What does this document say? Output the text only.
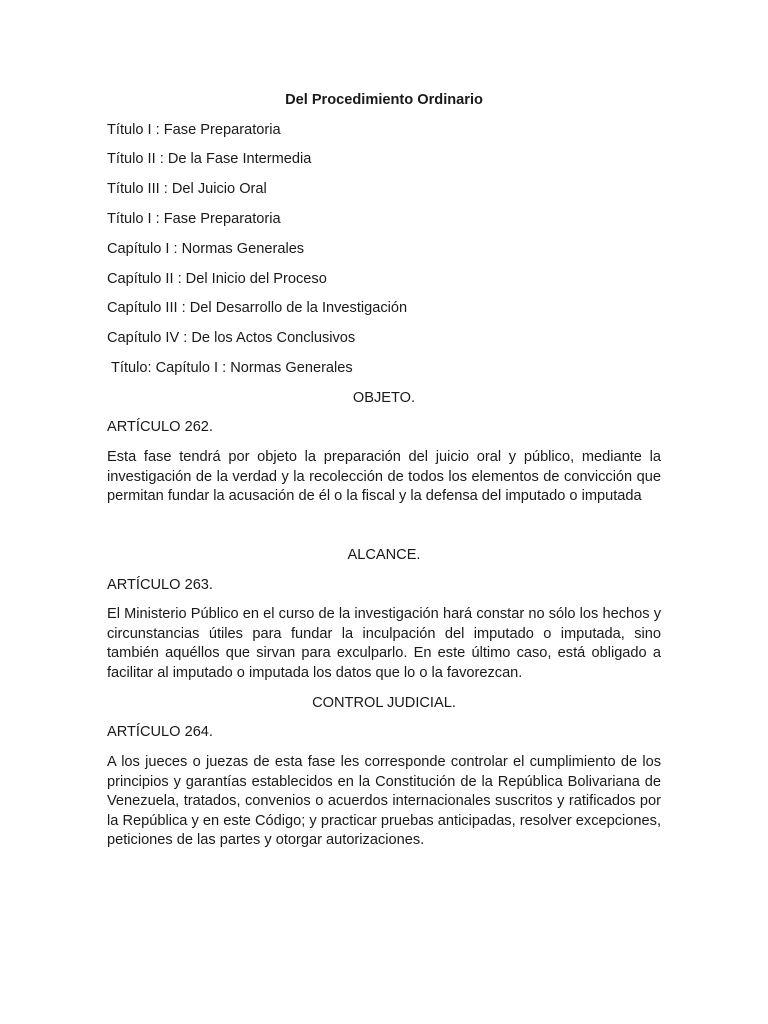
Del Procedimiento Ordinario
Título I : Fase Preparatoria
Título II : De la Fase Intermedia
Título III : Del Juicio Oral
Título I : Fase Preparatoria
Capítulo I : Normas Generales
Capítulo II : Del Inicio del Proceso
Capítulo III : Del Desarrollo de la Investigación
Capítulo IV : De los Actos Conclusivos
Título: Capítulo I : Normas Generales
OBJETO.
ARTÍCULO 262.
Esta fase tendrá por objeto la preparación del juicio oral y público, mediante la investigación de la verdad y la recolección de todos los elementos de convicción que permitan fundar la acusación de él o la fiscal y la defensa del imputado o imputada
ALCANCE.
ARTÍCULO 263.
El Ministerio Público en el curso de la investigación hará constar no sólo los hechos y circunstancias útiles para fundar la inculpación del imputado o imputada, sino también aquéllos que sirvan para exculparlo. En este último caso, está obligado a facilitar al imputado o imputada los datos que lo o la favorezcan.
CONTROL JUDICIAL.
ARTÍCULO 264.
A los jueces o juezas de esta fase les corresponde controlar el cumplimiento de los principios y garantías establecidos en la Constitución de la República Bolivariana de Venezuela, tratados, convenios o acuerdos internacionales suscritos y ratificados por la República y en este Código; y practicar pruebas anticipadas, resolver excepciones, peticiones de las partes y otorgar autorizaciones.
